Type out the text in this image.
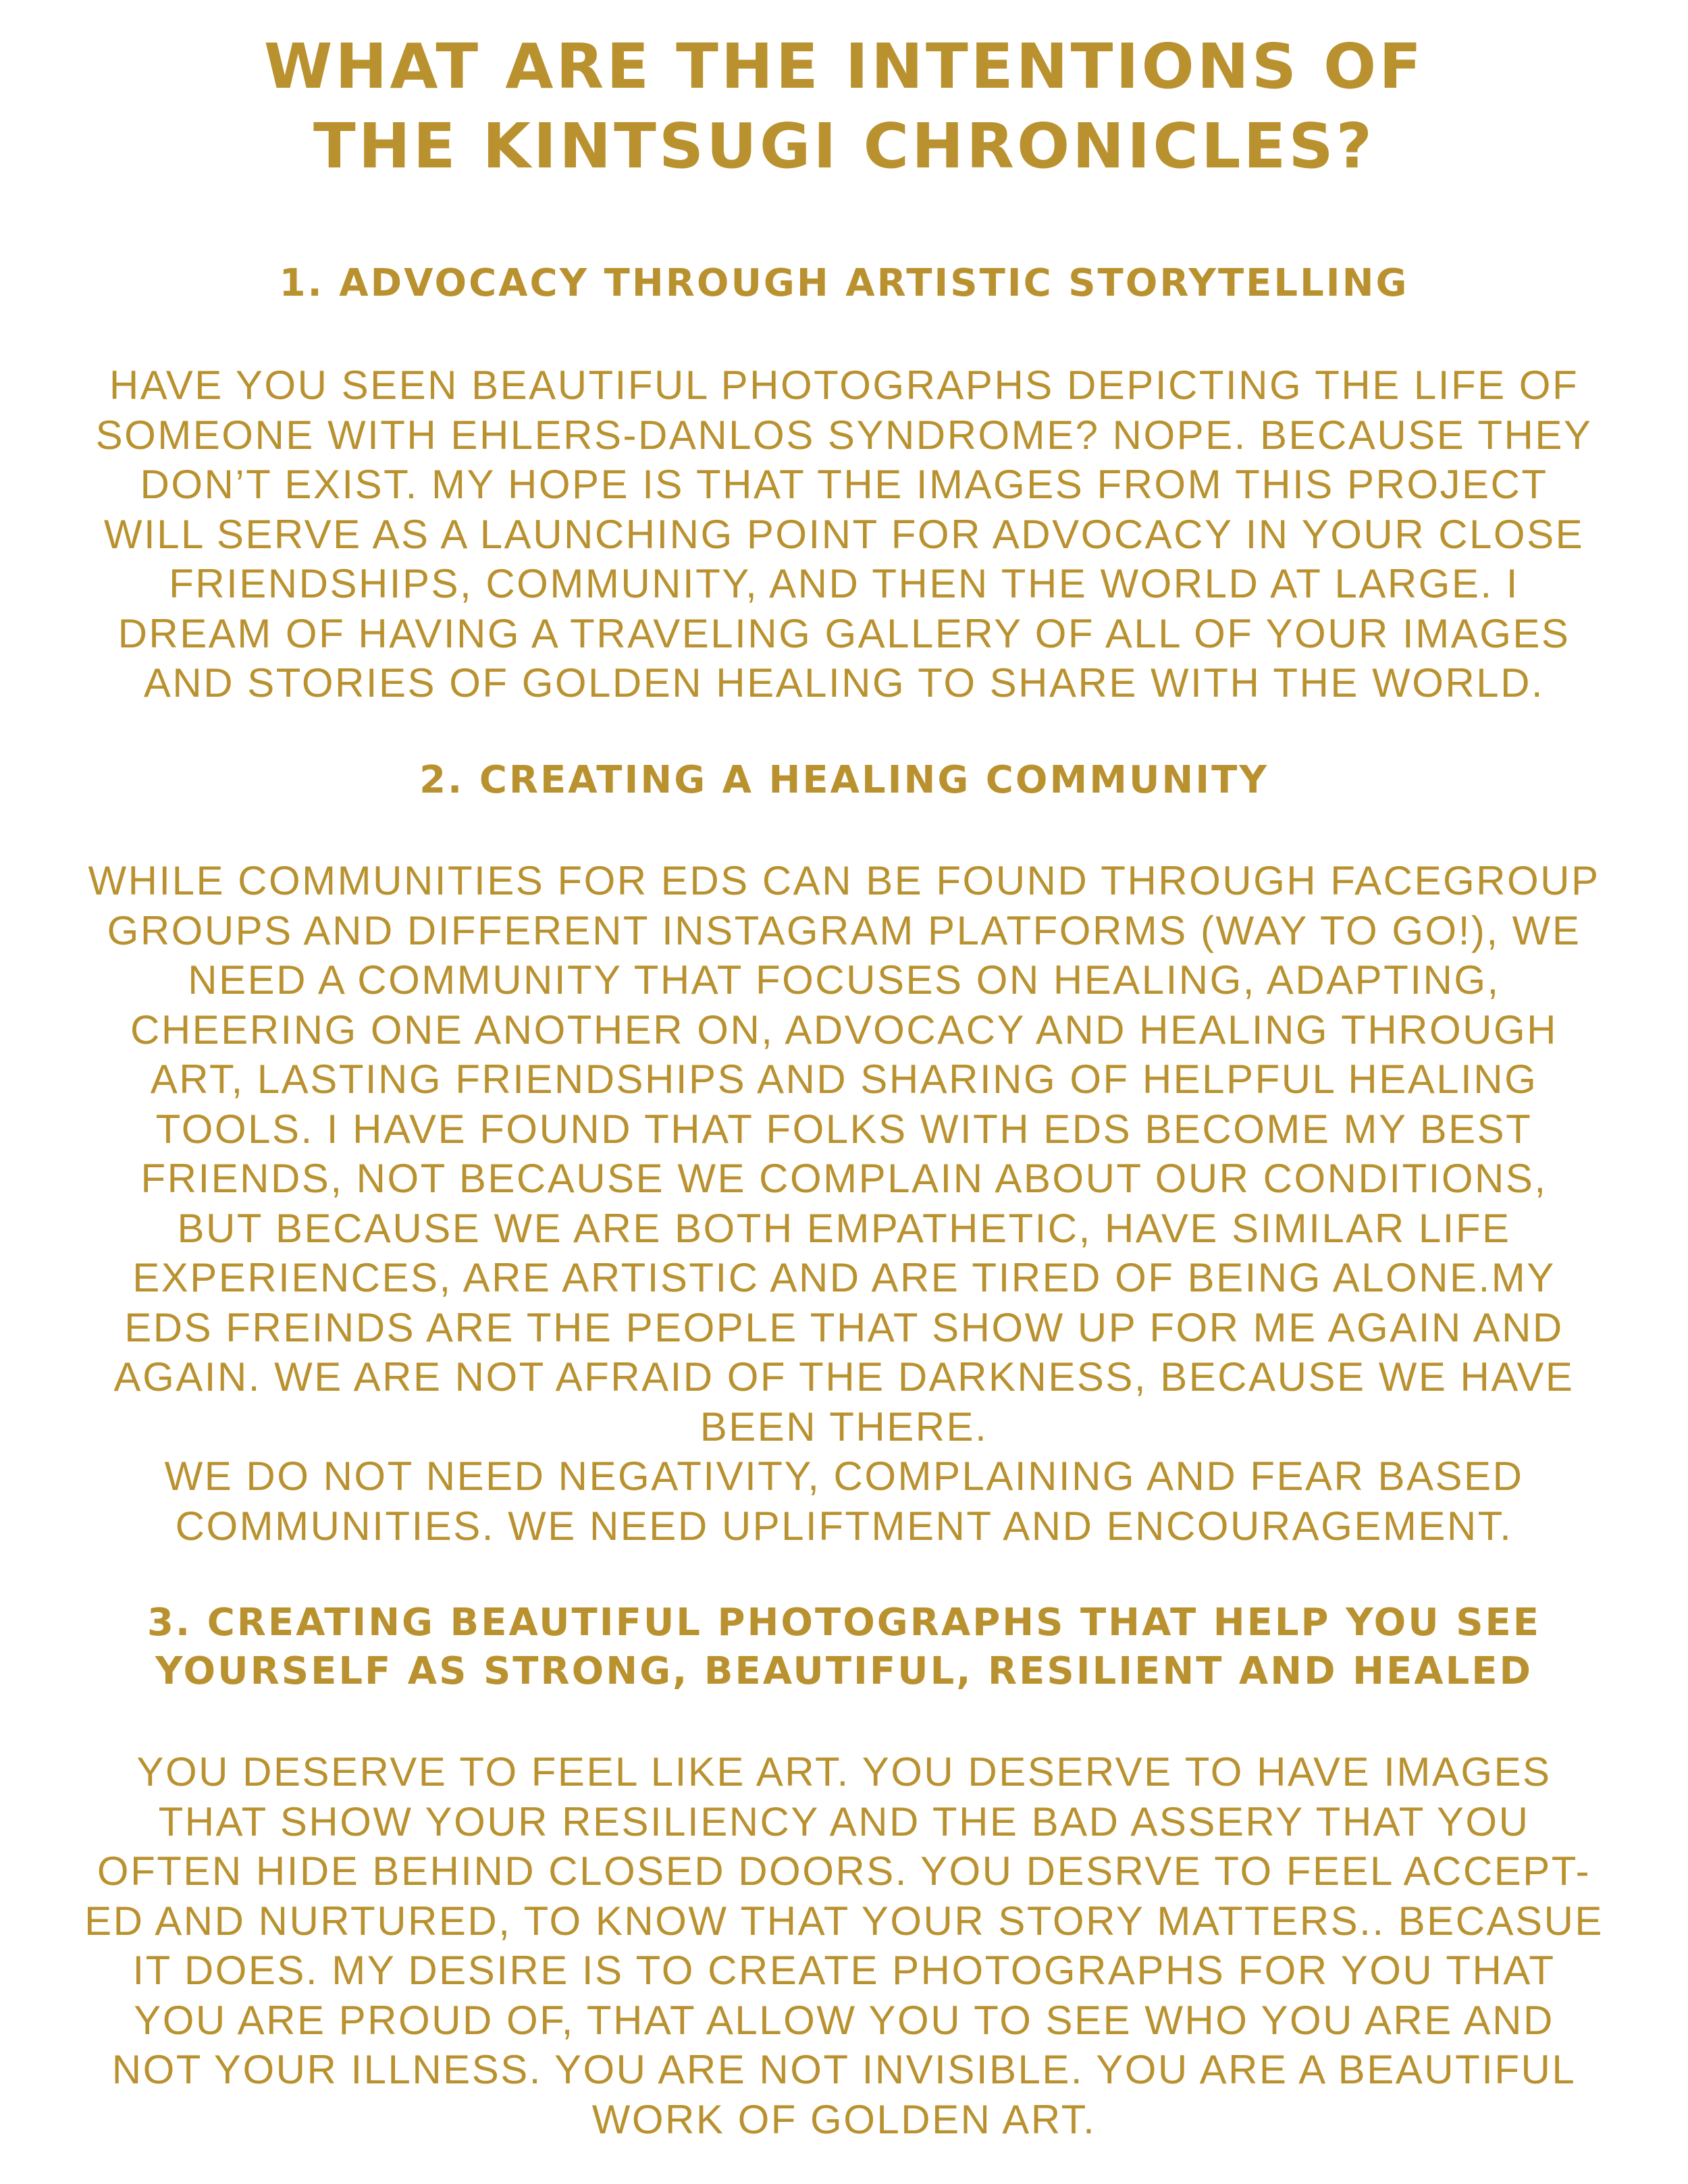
WHAT ARE THE INTENTIONS OF
THE KINTSUGI CHRONICLES?
1. ADVOCACY THROUGH ARTISTIC STORYTELLING
HAVE YOU SEEN BEAUTIFUL PHOTOGRAPHS DEPICTING THE LIFE OF
SOMEONE WITH EHLERS-DANLOS SYNDROME? NOPE. BECAUSE THEY
DON’T EXIST. MY HOPE IS THAT THE IMAGES FROM THIS PROJECT
WILL SERVE AS A LAUNCHING POINT FOR ADVOCACY IN YOUR CLOSE
FRIENDSHIPS, COMMUNITY, AND THEN THE WORLD AT LARGE. I
DREAM OF HAVING A TRAVELING GALLERY OF ALL OF YOUR IMAGES
AND STORIES OF GOLDEN HEALING TO SHARE WITH THE WORLD.
2. CREATING A HEALING COMMUNITY
WHILE COMMUNITIES FOR EDS CAN BE FOUND THROUGH FACEGROUP
GROUPS AND DIFFERENT INSTAGRAM PLATFORMS (WAY TO GO!), WE
NEED A COMMUNITY THAT FOCUSES ON HEALING, ADAPTING,
CHEERING ONE ANOTHER ON, ADVOCACY AND HEALING THROUGH
ART, LASTING FRIENDSHIPS AND SHARING OF HELPFUL HEALING
TOOLS. I HAVE FOUND THAT FOLKS WITH EDS BECOME MY BEST
FRIENDS, NOT BECAUSE WE COMPLAIN ABOUT OUR CONDITIONS,
BUT BECAUSE WE ARE BOTH EMPATHETIC, HAVE SIMILAR LIFE
EXPERIENCES, ARE ARTISTIC AND ARE TIRED OF BEING ALONE.MY
EDS FREINDS ARE THE PEOPLE THAT SHOW UP FOR ME AGAIN AND
AGAIN. WE ARE NOT AFRAID OF THE DARKNESS, BECAUSE WE HAVE
BEEN THERE.
WE DO NOT NEED NEGATIVITY, COMPLAINING AND FEAR BASED
COMMUNITIES. WE NEED UPLIFTMENT AND ENCOURAGEMENT.
3. CREATING BEAUTIFUL PHOTOGRAPHS THAT HELP YOU SEE
YOURSELF AS STRONG, BEAUTIFUL, RESILIENT AND HEALED
YOU DESERVE TO FEEL LIKE ART. YOU DESERVE TO HAVE IMAGES
THAT SHOW YOUR RESILIENCY AND THE BAD ASSERY THAT YOU
OFTEN HIDE BEHIND CLOSED DOORS. YOU DESRVE TO FEEL ACCEPT-
ED AND NURTURED, TO KNOW THAT YOUR STORY MATTERS.. BECASUE
IT DOES. MY DESIRE IS TO CREATE PHOTOGRAPHS FOR YOU THAT
YOU ARE PROUD OF, THAT ALLOW YOU TO SEE WHO YOU ARE AND
NOT YOUR ILLNESS. YOU ARE NOT INVISIBLE. YOU ARE A BEAUTIFUL
WORK OF GOLDEN ART.
